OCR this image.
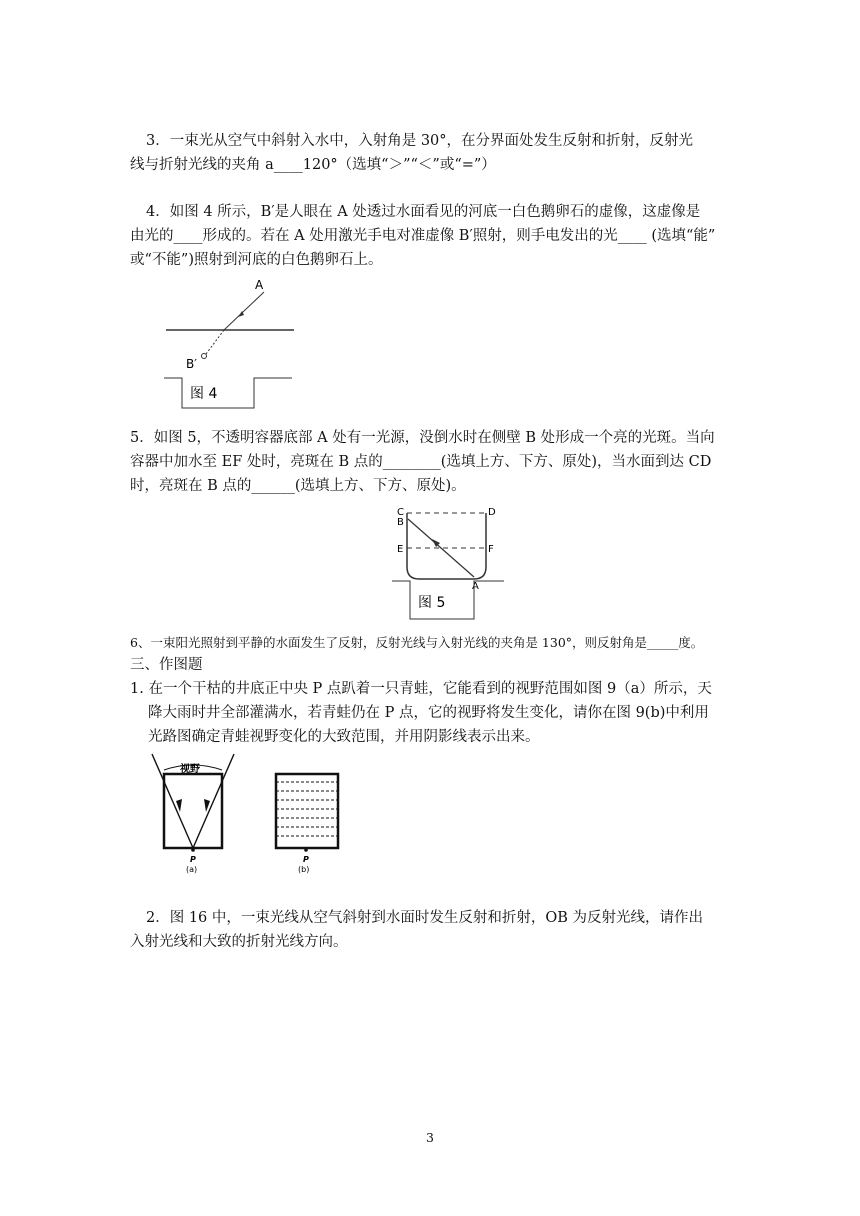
3．一束光从空气中斜射入水中，入射角是 30°，在分界面处发生反射和折射，反射光
线与折射光线的夹角 a____120°（选填“＞”“＜”或“=”）
4．如图 4 所示，B′是人眼在 A 处透过水面看见的河底一白色鹅卵石的虚像，这虚像是
由光的____形成的。若在 A 处用激光手电对准虚像 B′照射，则手电发出的光____ (选填“能”
或“不能”)照射到河底的白色鹅卵石上。
A
B′
图 4
5．如图 5，不透明容器底部 A 处有一光源，没倒水时在侧壁 B 处形成一个亮的光斑。当向
容器中加水至 EF 处时，亮斑在 B 点的________(选填上方、下方、原处)，当水面到达 CD
时，亮斑在 B 点的______(选填上方、下方、原处)。
C
B
D
E	F
A
图 5
6、一束阳光照射到平静的水面发生了反射，反射光线与入射光线的夹角是 130°，则反射角是_____度。
三、作图题
1. 在一个干枯的井底正中央 P 点趴着一只青蛙，它能看到的视野范围如图 9（a）所示，天
降大雨时井全部灌满水，若青蛙仍在 P 点，它的视野将发生变化，请你在图 9(b)中利用
光路图确定青蛙视野变化的大致范围，并用阴影线表示出来。
视野
P
(a)
P
(b)
2．图 16 中，一束光线从空气斜射到水面时发生反射和折射，OB 为反射光线，请作出
入射光线和大致的折射光线方向。
3
